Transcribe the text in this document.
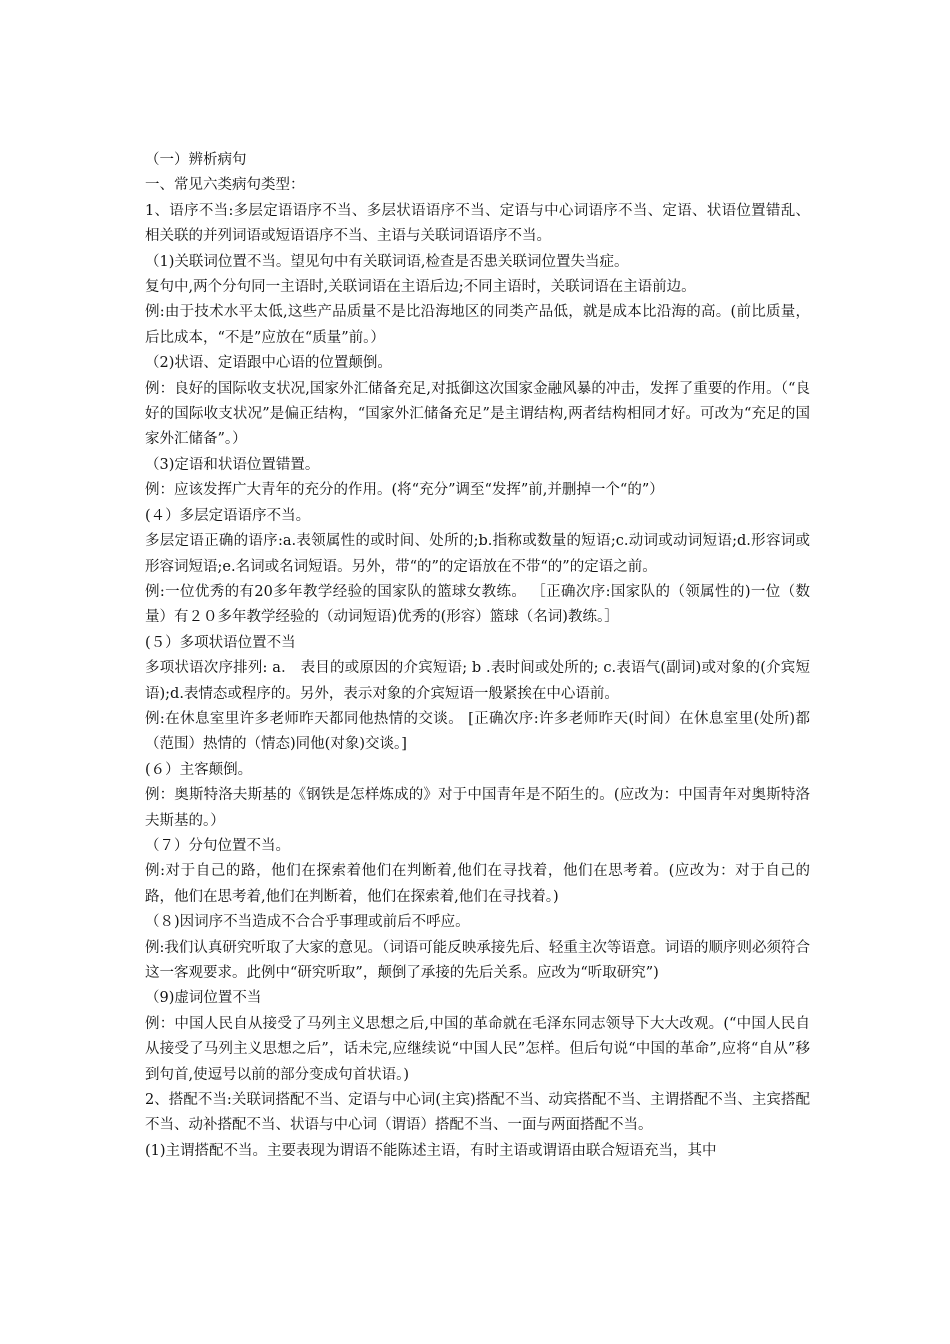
（一）辨析病句

一、常见六类病句类型：

1、语序不当:多层定语语序不当、多层状语语序不当、定语与中心词语序不当、定语、状语位置错乱、相关联的并列词语或短语语序不当、主语与关联词语语序不当。

（1)关联词位置不当。望见句中有关联词语,检查是否患关联词位置失当症。

复句中,两个分句同一主语时,关联词语在主语后边;不同主语时，关联词语在主语前边。

例:由于技术水平太低,这些产品质量不是比沿海地区的同类产品低，就是成本比沿海的高。(前比质量，后比成本，“不是”应放在“质量”前。）

（2)状语、定语跟中心语的位置颠倒。

例：良好的国际收支状况,国家外汇储备充足,对抵御这次国家金融风暴的冲击，发挥了重要的作用。（“良好的国际收支状况”是偏正结构，“国家外汇储备充足”是主谓结构,两者结构相同才好。可改为“充足的国家外汇储备”。）

（3)定语和状语位置错置。

例：应该发挥广大青年的充分的作用。(将“充分”调至“发挥”前,并删掉一个“的”）

(４）多层定语语序不当。

多层定语正确的语序:a.表领属性的或时间、处所的;b.指称或数量的短语;c.动词或动词短语;d.形容词或形容词短语;e.名词或名词短语。另外，带“的”的定语放在不带“的”的定语之前。

例:一位优秀的有20多年教学经验的国家队的篮球女教练。 ［正确次序:国家队的（领属性的)一位（数量）有２０多年教学经验的（动词短语)优秀的(形容）篮球（名词)教练。］

(５）多项状语位置不当

多项状语次序排列: a． 表目的或原因的介宾短语; b .表时间或处所的; c.表语气(副词)或对象的(介宾短语);d.表情态或程序的。另外，表示对象的介宾短语一般紧挨在中心语前。

例:在休息室里许多老师昨天都同他热情的交谈。 [正确次序:许多老师昨天(时间）在休息室里(处所)都（范围）热情的（情态)同他(对象)交谈。]

(６）主客颠倒。

例：奥斯特洛夫斯基的《钢铁是怎样炼成的》对于中国青年是不陌生的。(应改为：中国青年对奥斯特洛夫斯基的。）

（７）分句位置不当。

例:对于自己的路，他们在探索着他们在判断着,他们在寻找着，他们在思考着。(应改为：对于自己的路，他们在思考着,他们在判断着，他们在探索着,他们在寻找着。)

（８)因词序不当造成不合合乎事理或前后不呼应。

例:我们认真研究听取了大家的意见。（词语可能反映承接先后、轻重主次等语意。词语的顺序则必须符合这一客观要求。此例中“研究听取”，颠倒了承接的先后关系。应改为“听取研究”)

（9)虚词位置不当

例：中国人民自从接受了马列主义思想之后,中国的革命就在毛泽东同志领导下大大改观。(“中国人民自从接受了马列主义思想之后”，话未完,应继续说“中国人民”怎样。但后句说“中国的革命”,应将“自从”移到句首,使逗号以前的部分变成句首状语。)

2、搭配不当:关联词搭配不当、定语与中心词(主宾)搭配不当、动宾搭配不当、主谓搭配不当、主宾搭配不当、动补搭配不当、状语与中心词（谓语）搭配不当、一面与两面搭配不当。

(1)主谓搭配不当。主要表现为谓语不能陈述主语，有时主语或谓语由联合短语充当，其中
